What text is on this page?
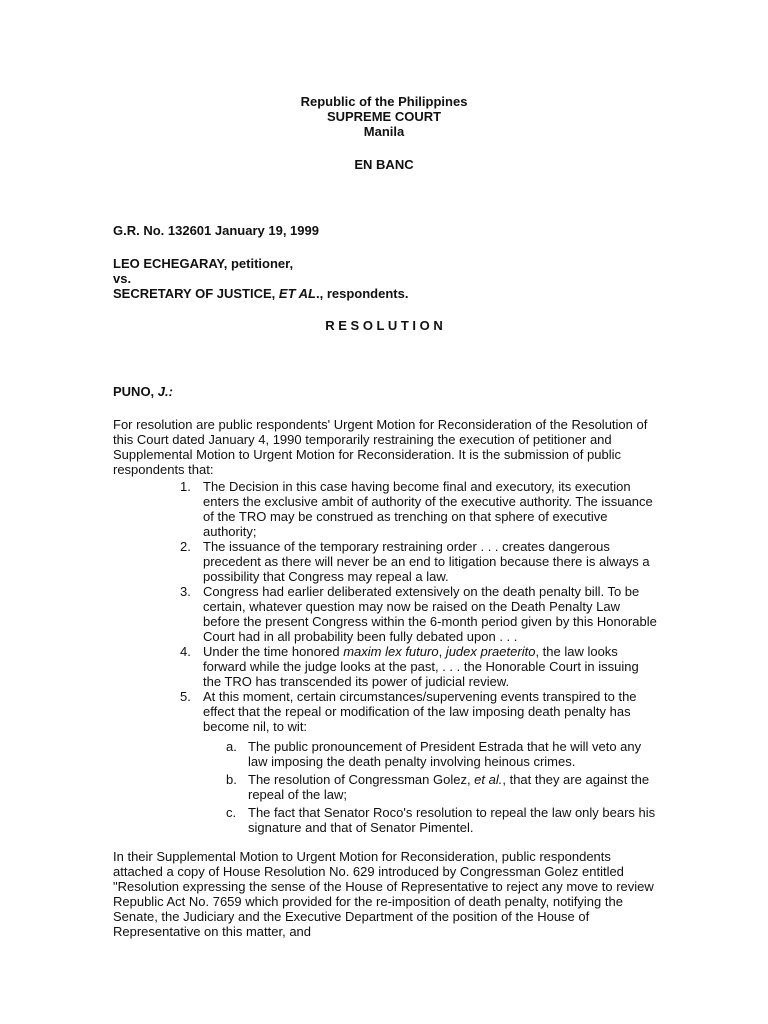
Republic of the Philippines
SUPREME COURT
Manila
EN BANC
G.R. No. 132601 January 19, 1999
LEO ECHEGARAY, petitioner,
vs.
SECRETARY OF JUSTICE, ET AL., respondents.
R E S O L U T I O N
PUNO, J.:

For resolution are public respondents' Urgent Motion for Reconsideration of the Resolution of this Court dated January 4, 1990 temporarily restraining the execution of petitioner and Supplemental Motion to Urgent Motion for Reconsideration. It is the submission of public respondents that:

1. The Decision in this case having become final and executory, its execution enters the exclusive ambit of authority of the executive authority. The issuance of the TRO may be construed as trenching on that sphere of executive authority;
2. The issuance of the temporary restraining order . . . creates dangerous precedent as there will never be an end to litigation because there is always a possibility that Congress may repeal a law.
3. Congress had earlier deliberated extensively on the death penalty bill. To be certain, whatever question may now be raised on the Death Penalty Law before the present Congress within the 6-month period given by this Honorable Court had in all probability been fully debated upon . . .
4. Under the time honored maxim lex futuro, judex praeterito, the law looks forward while the judge looks at the past, . . . the Honorable Court in issuing the TRO has transcended its power of judicial review.
5. At this moment, certain circumstances/supervening events transpired to the effect that the repeal or modification of the law imposing death penalty has become nil, to wit:
a. The public pronouncement of President Estrada that he will veto any law imposing the death penalty involving heinous crimes.
b. The resolution of Congressman Golez, et al., that they are against the repeal of the law;
c. The fact that Senator Roco's resolution to repeal the law only bears his signature and that of Senator Pimentel.

In their Supplemental Motion to Urgent Motion for Reconsideration, public respondents attached a copy of House Resolution No. 629 introduced by Congressman Golez entitled "Resolution expressing the sense of the House of Representative to reject any move to review Republic Act No. 7659 which provided for the re-imposition of death penalty, notifying the Senate, the Judiciary and the Executive Department of the position of the House of Representative on this matter, and
